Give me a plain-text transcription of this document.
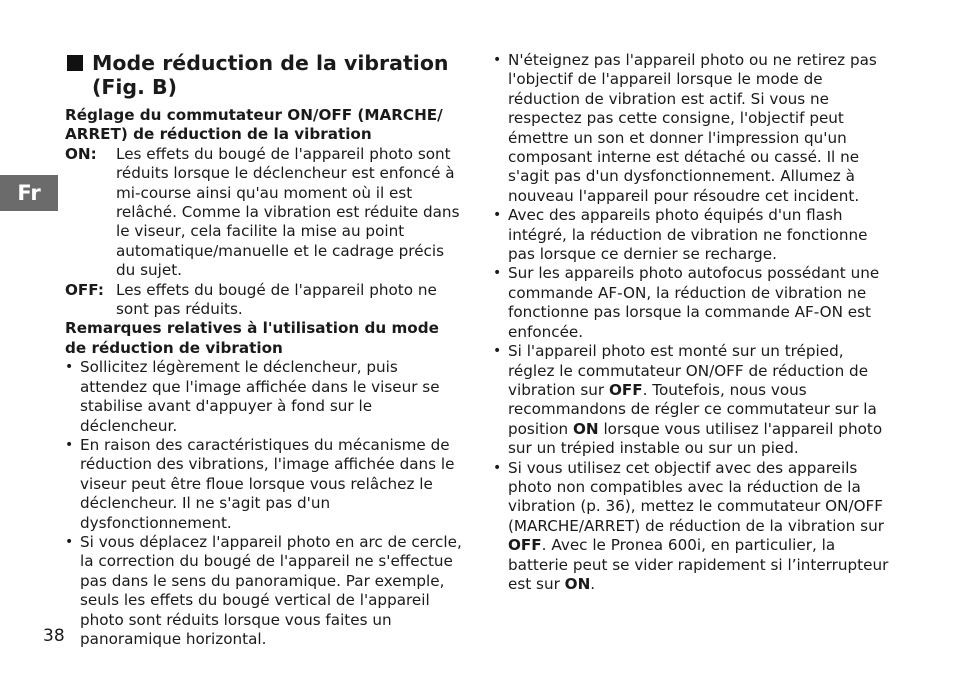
Fr
Mode réduction de la vibration
(Fig. B)

Réglage du commutateur ON/OFF (MARCHE/ ARRET) de réduction de la vibration

ON:	Les effets du bougé de l'appareil photo sont réduits lorsque le déclencheur est enfoncé à mi-course ainsi qu'au moment où il est relâché. Comme la vibration est réduite dans le viseur, cela facilite la mise au point automatique/manuelle et le cadrage précis du sujet.
OFF: Les effets du bougé de l'appareil photo ne sont pas réduits.

Remarques relatives à l'utilisation du mode de réduction de vibration

• Sollicitez légèrement le déclencheur, puis attendez que l'image affichée dans le viseur se stabilise avant d'appuyer à fond sur le déclencheur.
• En raison des caractéristiques du mécanisme de réduction des vibrations, l'image affichée dans le viseur peut être floue lorsque vous relâchez le déclencheur. Il ne s'agit pas d'un dysfonctionnement.
• Si vous déplacez l'appareil photo en arc de cercle, la correction du bougé de l'appareil ne s'effectue pas dans le sens du panoramique. Par exemple, seuls les effets du bougé vertical de l'appareil photo sont réduits lorsque vous faites un panoramique horizontal.
• N'éteignez pas l'appareil photo ou ne retirez pas l'objectif de l'appareil lorsque le mode de réduction de vibration est actif. Si vous ne respectez pas cette consigne, l'objectif peut émettre un son et donner l'impression qu'un composant interne est détaché ou cassé. Il ne s'agit pas d'un dysfonctionnement. Allumez à nouveau l'appareil pour résoudre cet incident.
• Avec des appareils photo équipés d'un flash intégré, la réduction de vibration ne fonctionne pas lorsque ce dernier se recharge.
• Sur les appareils photo autofocus possédant une commande AF-ON, la réduction de vibration ne fonctionne pas lorsque la commande AF-ON est enfoncée.
• Si l'appareil photo est monté sur un trépied, réglez le commutateur ON/OFF de réduction de vibration sur OFF. Toutefois, nous vous recommandons de régler ce commutateur sur la position ON lorsque vous utilisez l'appareil photo sur un trépied instable ou sur un pied.
• Si vous utilisez cet objectif avec des appareils photo non compatibles avec la réduction de la vibration (p. 36), mettez le commutateur ON/OFF (MARCHE/ARRET) de réduction de la vibration sur OFF. Avec le Pronea 600i, en particulier, la batterie peut se vider rapidement si l’interrupteur est sur ON.
38
